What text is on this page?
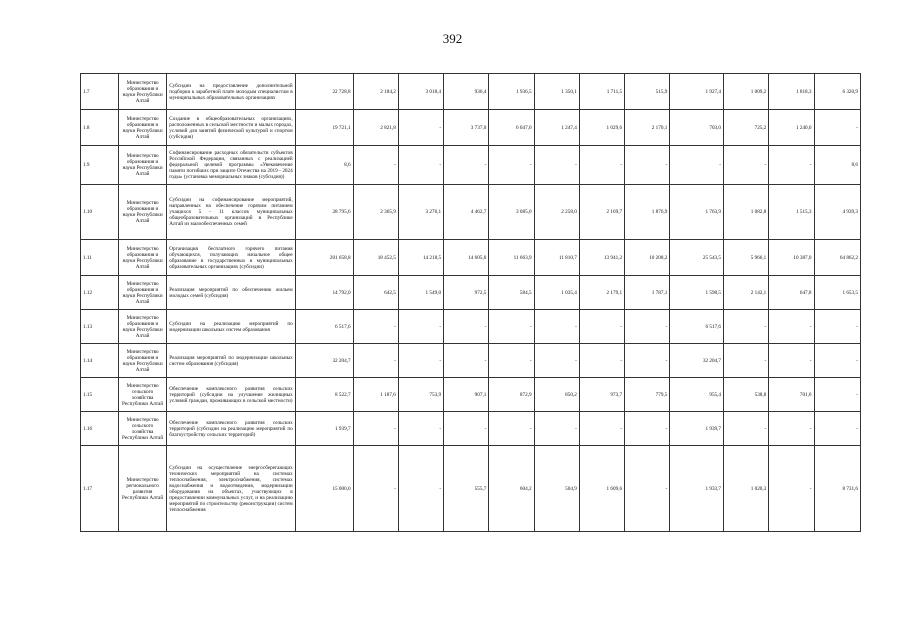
392
1.7	Министерство образования и науки Республики Алтай	Субсидии на предоставление дополнительной подборки к заработной плате молодым специалистам в муниципальных образовательных организациях	22 728,8	2 184,2	3 018,4	936,4	1 936,5	1 350,1	1 711,5	515,9	1 927,4	1 009,2	1 818,3	6 320,9
1.8	Министерство образования и науки Республики Алтай	Создание в общеобразовательных организациях, расположенных в сельской местности и малых городах, условий для занятий физической культурой и спортом (субсидия)	19 721,1	2 821,8	-	3 737,0	6 047,0	1 247,4	1 029,6	2 170,1	703,0	725,2	1 240,0	-
1.9	Министерство образования и науки Республики Алтай	Софинансирование расходных обязательств субъектов Российской Федерации, связанных с реализацией федеральной целевой программы «Увековечение памяти погибших при защите Отечества на 2019 - 2024 годы» (установка мемориальных знаков (субсидия))	8,6	-	-	-	-	-	-	-	-	-	-	8,6
1.10	Министерство образования и науки Республики Алтай	Субсидии на софинансирование мероприятий, направленных на обеспечение горячим питанием учащихся 5 - 11 классов муниципальных общеобразовательных организаций в Республике Алтай из малообеспеченных семей	28 795,6	2 365,9	3 276,1	4 462,7	3 085,0	2 258,0	2 169,7	1 876,9	1 763,9	1 082,8	1 515,3	4 939,3
1.11	Министерство образования и науки Республики Алтай	Организация бесплатного горячего питания обучающихся, получающих начальное общее образование в государственных и муниципальных образовательных организациях (субсидии)	201 658,8	18 452,5	14 218,5	14 605,0	11 663,9	11 810,7	13 941,2	10 208,2	25 543,5	5 966,1	10 387,0	64 862,2
1.12	Министерство образования и науки Республики Алтай	Реализация мероприятий по обеспечению жильем молодых семей (субсидия)	14 792,0	642,5	1 549,0	972,5	584,5	1 035,4	2 179,1	1 787,1	1 598,5	2 142,1	647,8	1 653,5
1.13	Министерство образования и науки Республики Алтай	Субсидии на реализацию мероприятий по модернизации школьных систем образования	6 517,6	-	-	-	-	-	-	-	6 517,6	-	-	-
1.14	Министерство образования и науки Республики Алтай	Реализация мероприятий по модернизации школьных систем образования (субсидия)	32 204,7	-	-	-	-	-	-	-	32 204,7	-	-	-
1.15	Министерство сельского хозяйства Республики Алтай	Обеспечение комплексного развития сельских территорий (субсидии на улучшение жилищных условий граждан, проживающих в сельской местности)	8 522,7	1 187,6	753,9	907,1	872,9	850,2	973,7	779,5	955,4	538,8	701,6	-
1.16	Министерство сельского хозяйства Республики Алтай	Обеспечение комплексного развития сельских территорий (субсидии на реализацию мероприятий по благоустройству сельских территорий)	1 939,7	-	-	-	-	-	-	-	1 939,7	-	-	-
1.17	Министерство регионального развития Республики Алтай	Субсидии на осуществление энергосберегающих технических мероприятий на системах теплоснабжения, электроснабжения, системах водоснабжения и водоотведения, модернизации оборудования на объектах, участвующих в предоставлении коммунальных услуг, и на реализацию мероприятий по строительству (реконструкции) систем теплоснабжения	15 000,0	-	-	555,7	604,2	504,9	1 609,6	-	1 933,7	1 020,3	-	8 731,6
